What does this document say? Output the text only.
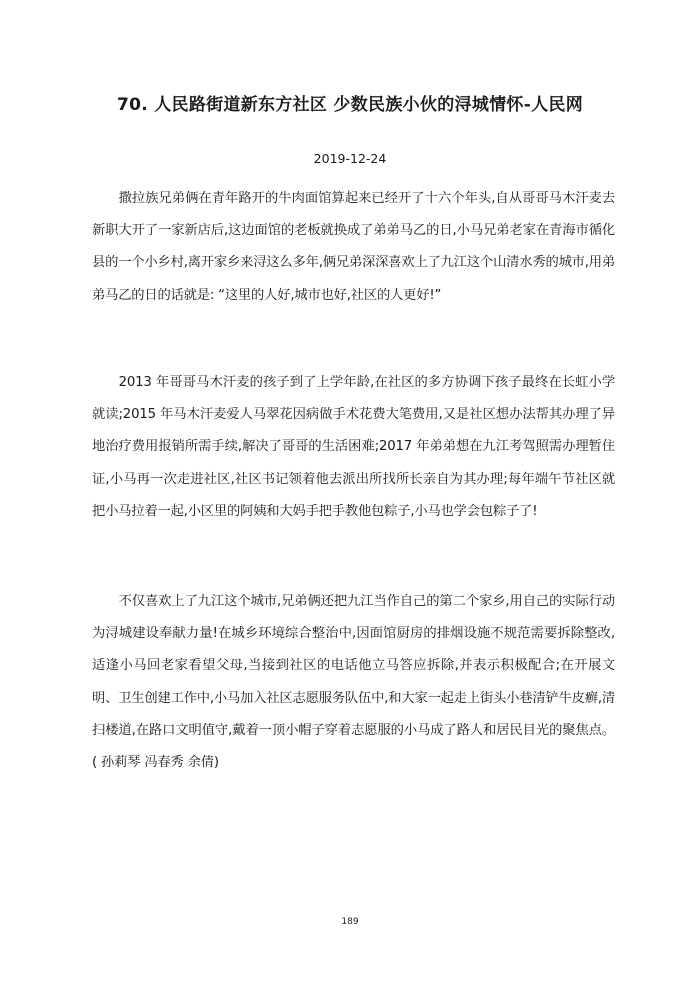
70. 人民路街道新东方社区 少数民族小伙的浔城情怀-人民网
2019-12-24

撒拉族兄弟俩在青年路开的牛肉面馆算起来已经开了十六个年头,自从哥哥马木汗麦去新职大开了一家新店后,这边面馆的老板就换成了弟弟马乙的日,小马兄弟老家在青海市循化县的一个小乡村,离开家乡来浔这么多年,俩兄弟深深喜欢上了九江这个山清水秀的城市,用弟弟马乙的日的话就是: “这里的人好,城市也好,社区的人更好!”

2013 年哥哥马木汗麦的孩子到了上学年龄,在社区的多方协调下孩子最终在长虹小学就读;2015 年马木汗麦爱人马翠花因病做手术花费大笔费用,又是社区想办法帮其办理了异地治疗费用报销所需手续,解决了哥哥的生活困难;2017 年弟弟想在九江考驾照需办理暂住证,小马再一次走进社区,社区书记领着他去派出所找所长亲自为其办理;每年端午节社区就把小马拉着一起,小区里的阿姨和大妈手把手教他包粽子,小马也学会包粽子了!

不仅喜欢上了九江这个城市,兄弟俩还把九江当作自己的第二个家乡,用自己的实际行动为浔城建设奉献力量!在城乡环境综合整治中,因面馆厨房的排烟设施不规范需要拆除整改,适逢小马回老家看望父母,当接到社区的电话他立马答应拆除,并表示积极配合;在开展文明、卫生创建工作中,小马加入社区志愿服务队伍中,和大家一起走上街头小巷清铲牛皮癣,清扫楼道,在路口文明值守,戴着一顶小帽子穿着志愿服的小马成了路人和居民目光的聚焦点。( 孙莉琴 冯春秀 余倩)

189
